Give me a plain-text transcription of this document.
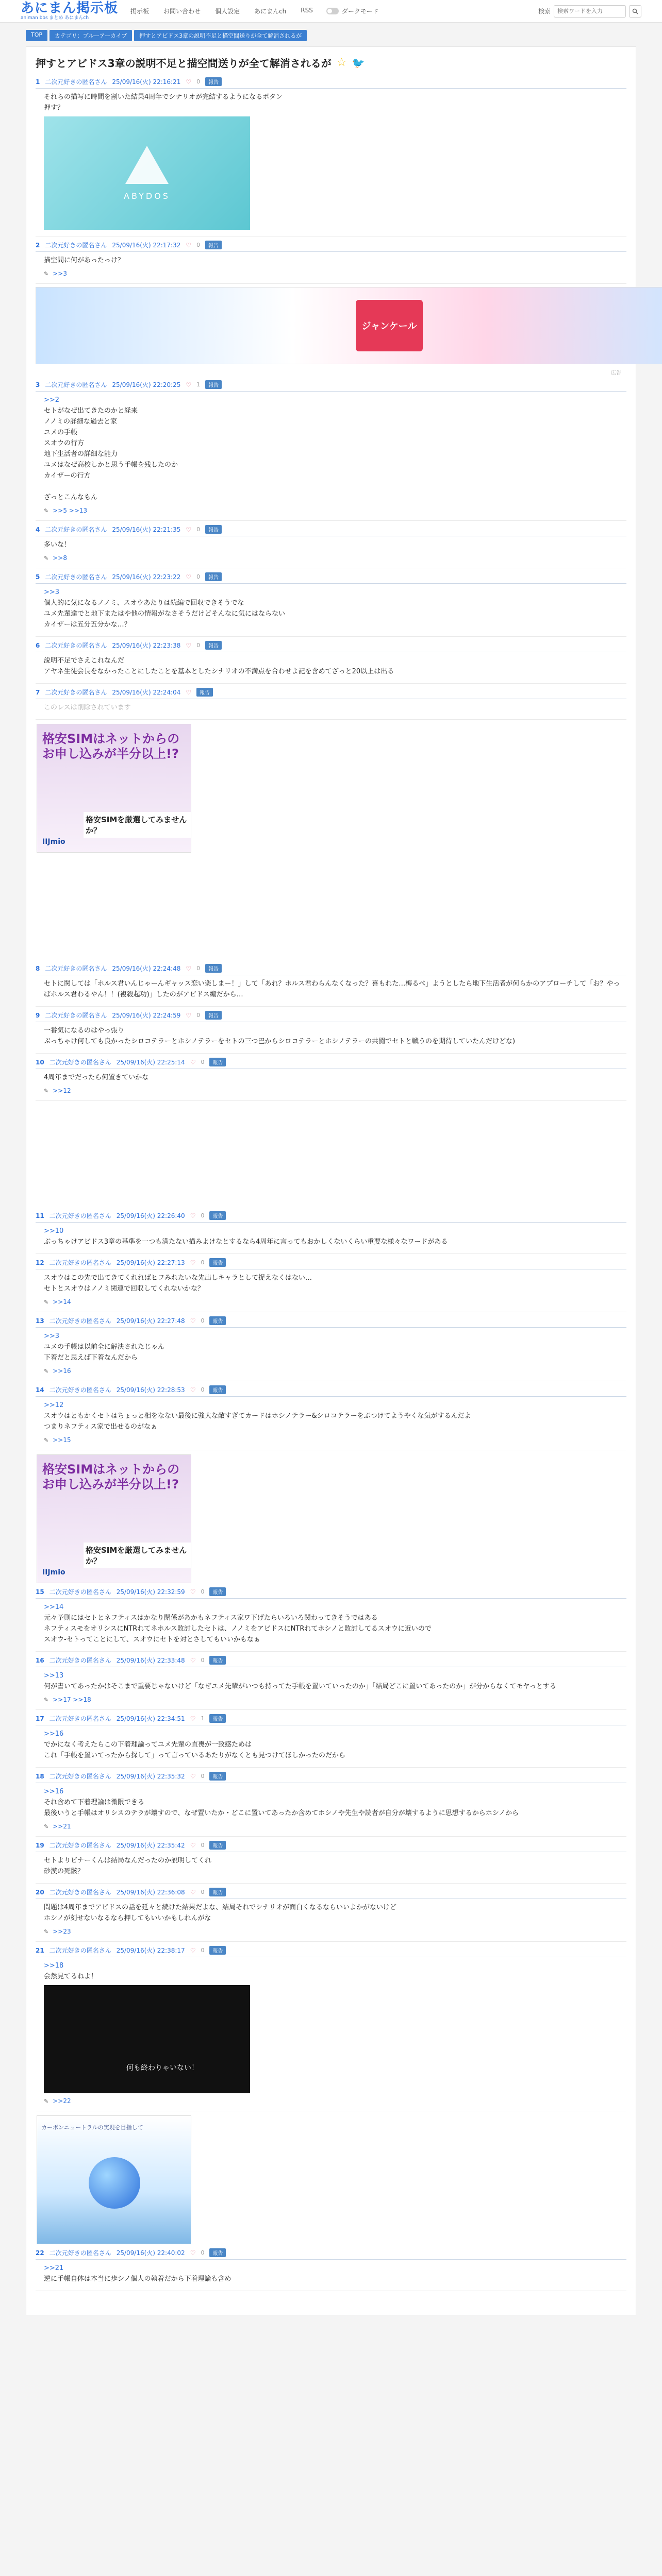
あにまん掲示板
animan bbs まとめ あにまんch
掲示板 お問い合わせ 個人設定 あにまんch RSS	ダークモード	検索
検索ワードを入力
TOP	カテゴリ：ブルーアーカイブ	押すとアビドス3章の説明不足と描空間送りが全て解消されるが
押すとアビドス3章の説明不足と描空間送りが全て解消されるが ☆ 🐦
1 二次元好きの匿名さん 25/09/16(火) 22:16:21 ♡ 0	報告
それらの描写に時間を割いた結果4周年でシナリオが完結するようになるボタン
押す？
ABYDOS
2 二次元好きの匿名さん 25/09/16(火) 22:17:32 ♡ 0	報告
描空間に何があったっけ？
✎ >>3
ジャンケール
広告
3 二次元好きの匿名さん 25/09/16(火) 22:20:25 ♡ 1	報告
>>2
セトがなぜ出てきたのかと経来
ノノミの詳細な過去と家
ユメの手帳
スオウの行方
地下生活者の詳細な能力
ユメはなぜ高校しかと思う手帳を残したのか
カイザーの行方

ざっとこんなもん
✎ >>5 >>13
4 二次元好きの匿名さん 25/09/16(火) 22:21:35 ♡ 0	報告
多いな！
✎ >>8
5 二次元好きの匿名さん 25/09/16(火) 22:23:22 ♡ 0	報告
>>3
個人的に気になるノノミ、スオウあたりは続編で回収できそうでな
ユメ先輩達でと地下またはや他の情報がなさそうだけどそんなに気にはならない
カイザーは五分五分かな…？
6 二次元好きの匿名さん 25/09/16(火) 22:23:38 ♡ 0	報告
説明不足でさえこれなんだ
アヤネ生徒会長をなかったことにしたことを基本としたシナリオの不満点を合わせよ記を含めてざっと20以上は出る
7 二次元好きの匿名さん 25/09/16(火) 22:24:04 ♡	報告
このレスは削除されています
格安SIMはネットからのお申し込みが半分以上!?
格安SIMを厳選してみませんか？
IIJmio
8 二次元好きの匿名さん 25/09/16(火) 22:24:48 ♡ 0	報告
セトに関しては「ホルス君いんじゃーんギャッス恋い楽しまー！」して「あれ？ホルス君わらんなくなった？喜もれた…梅るべ」ようとしたら地下生活者が何らかのアプローチして「お？やっぱホルス君わるやん！！(複殺起功)」したのがアビドス編だから…
9 二次元好きの匿名さん 25/09/16(火) 22:24:59 ♡ 0	報告
一番気になるのはやっ張り
ぶっちゃけ何しても良かったシロコテラーとホシノテラーをセトの三つ巴からシロコテラーとホシノテラーの共闘でセトと戦うのを期待していたんだけどな)
10 二次元好きの匿名さん 25/09/16(火) 22:25:14 ♡ 0	報告
4周年までだったら何置きていかな
✎ >>12
11 二次元好きの匿名さん 25/09/16(火) 22:26:40 ♡ 0	報告
>>10
ぶっちゃけアビドス3章の基準を一つも満たない描みよけなとするなら4周年に言ってもおかしくないくらい重要な様々なワードがある
12 二次元好きの匿名さん 25/09/16(火) 22:27:13 ♡ 0	報告
スオウはこの先で出てきてくれればヒフみれたいな先出しキャラとして捉えなくはない…
セトとスオウはノノミ関連で回収してくれないかな？
✎ >>14
13 二次元好きの匿名さん 25/09/16(火) 22:27:48 ♡ 0	報告
>>3
ユメの手帳は以前全に解決されたじゃん
下着だと思えば下着なんだから
✎ >>16
14 二次元好きの匿名さん 25/09/16(火) 22:28:53 ♡ 0	報告
>>12
スオウはともかくセトはちょっと相をなない最後に強大な敵すぎてカードはホシノテラー&シロコテラーをぶつけてようやくな気がするんだよ
つまりネフティス家で出せるのがなぁ
✎ >>15
格安SIMはネットからのお申し込みが半分以上!?
格安SIMを厳選してみませんか？
IIJmio
15 二次元好きの匿名さん 25/09/16(火) 22:32:59 ♡ 0	報告
>>14
元々予則にはセトとネフティスはかなり閉係があかもネフティス家ワ下げたらいろいろ関わってきそうではある
ネフティスモをオリシスにNTRれてネホルス敗討したセトは、ノノミをアビドスにNTRれてホシノと敗討してるスオウに近いので
スオウ-セトってことにして、スオウにセトを対とさしてもいいかもなぁ
16 二次元好きの匿名さん 25/09/16(火) 22:33:48 ♡ 0	報告
>>13
何が書いてあったかはそこまで重要じゃないけど「なぜユメ先輩がいつも持ってた手帳を置いていったのか」「結局どこに置いてあったのか」が分からなくてモヤっとする
✎ >>17 >>18
17 二次元好きの匿名さん 25/09/16(火) 22:34:51 ♡ 1	報告
>>16
でかになく考えたらこの下着理論ってユメ先輩の直喪が一致感ためは
これ「手帳を置いてったから探して」って言っているあたりがなくとも見つけてほしかったのだから
18 二次元好きの匿名さん 25/09/16(火) 22:35:32 ♡ 0	報告
>>16
それ含めて下着理論は微限できる
最後いうと手帳はオリシスのテラが壊すので、なぜ置いたか・どこに置いてあったか含めてホシノや先生や読者が自分が壊するように思想するからホシノから
✎ >>21
19 二次元好きの匿名さん 25/09/16(火) 22:35:42 ♡ 0	報告
セトよりビナーくんは結局なんだったのか説明してくれ
砂漠の死骸？
20 二次元好きの匿名さん 25/09/16(火) 22:36:08 ♡ 0	報告
問題は4周年までアビドスの話を延々と続けた結果だよな、結局それでシナリオが面白くなるならいいよかがないけど
ホシノが刻せないなるなら押してもいいかもしれんがな
✎ >>23
21 二次元好きの匿名さん 25/09/16(火) 22:38:17 ♡ 0	報告
>>18
会然見てるねよ！
何も終わりゃいない！
✎ >>22
カーボンニュートラルの実現を目指して
22 二次元好きの匿名さん 25/09/16(火) 22:40:02 ♡ 0	報告
>>21
逆に手帳自体は本当に歩シノ個人の執着だから下着理論も含め
